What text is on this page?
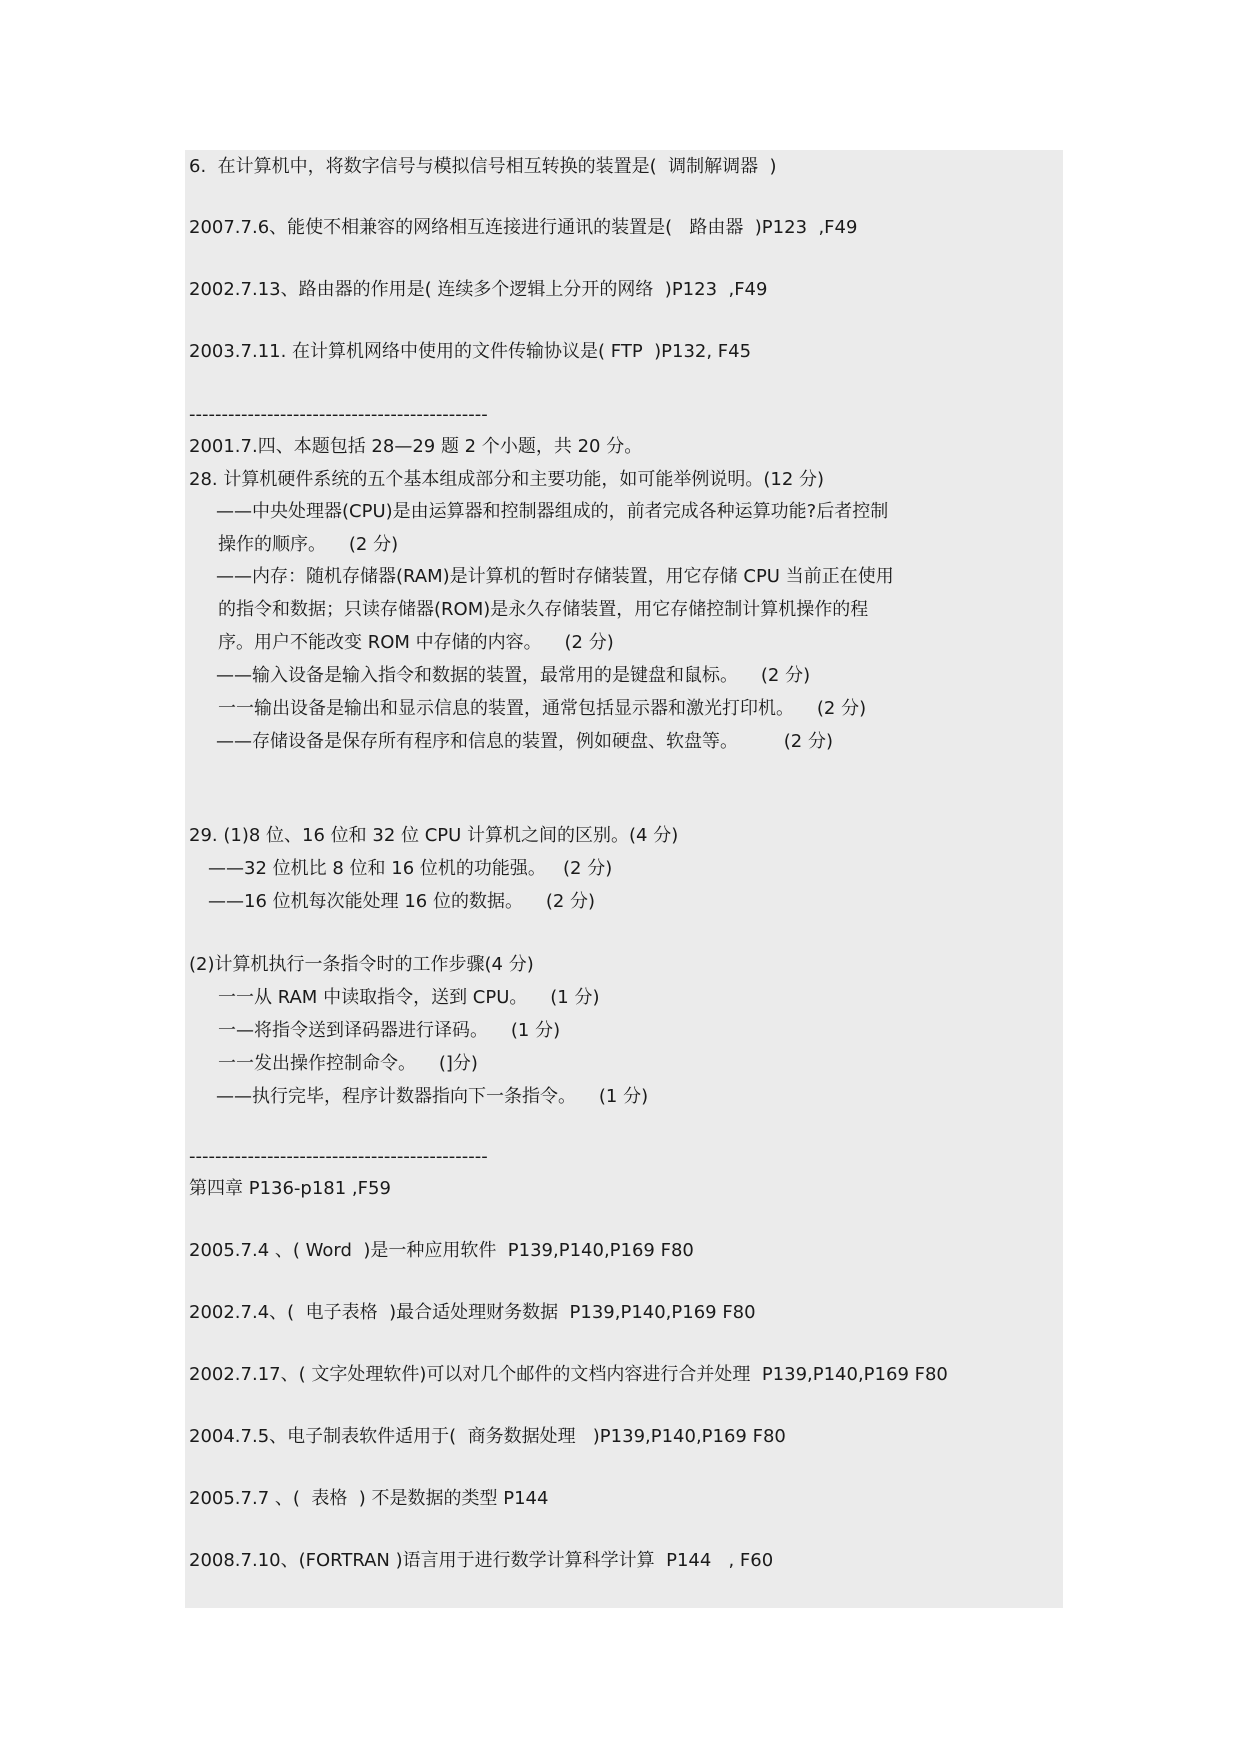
6.  在计算机中，将数字信号与模拟信号相互转换的装置是(  调制解调器  )
2007.7.6、能使不相兼容的网络相互连接进行通讯的装置是(   路由器  )P123  ,F49
2002.7.13、路由器的作用是( 连续多个逻辑上分开的网络  )P123  ,F49
2003.7.11. 在计算机网络中使用的文件传输协议是( FTP  )P132, F45
----------------------------------------------
2001.7.四、本题包括 28—29 题 2 个小题，共 20 分。
28. 计算机硬件系统的五个基本组成部分和主要功能，如可能举例说明。(12 分)
——中央处理器(CPU)是由运算器和控制器组成的，前者完成各种运算功能?后者控制
操作的顺序。    (2 分)
——内存：随机存储器(RAM)是计算机的暂时存储装置，用它存储 CPU 当前正在使用
的指令和数据；只读存储器(ROM)是永久存储装置，用它存储控制计算机操作的程
序。用户不能改变 ROM 中存储的内容。    (2 分)
——输入设备是输入指令和数据的装置，最常用的是键盘和鼠标。    (2 分)
一一输出设备是输出和显示信息的装置，通常包括显示器和激光打印机。    (2 分)
——存储设备是保存所有程序和信息的装置，例如硬盘、软盘等。        (2 分)
29. (1)8 位、16 位和 32 位 CPU 计算机之间的区别。(4 分)
——32 位机比 8 位和 16 位机的功能强。   (2 分)
——16 位机每次能处理 16 位的数据。    (2 分)
(2)计算机执行一条指令时的工作步骤(4 分)
一一从 RAM 中读取指令，送到 CPU。    (1 分)
一—将指令送到译码器进行译码。    (1 分)
一一发出操作控制命令。    (]分)
——执行完毕，程序计数器指向下一条指令。    (1 分)
----------------------------------------------
第四章 P136-p181 ,F59
2005.7.4 、( Word  )是一种应用软件  P139,P140,P169 F80
2002.7.4、(  电子表格  )最合适处理财务数据  P139,P140,P169 F80
2002.7.17、( 文字处理软件)可以对几个邮件的文档内容进行合并处理  P139,P140,P169 F80
2004.7.5、电子制表软件适用于(  商务数据处理   )P139,P140,P169 F80
2005.7.7 、(  表格  ) 不是数据的类型 P144
2008.7.10、(FORTRAN )语言用于进行数学计算科学计算  P144   , F60
